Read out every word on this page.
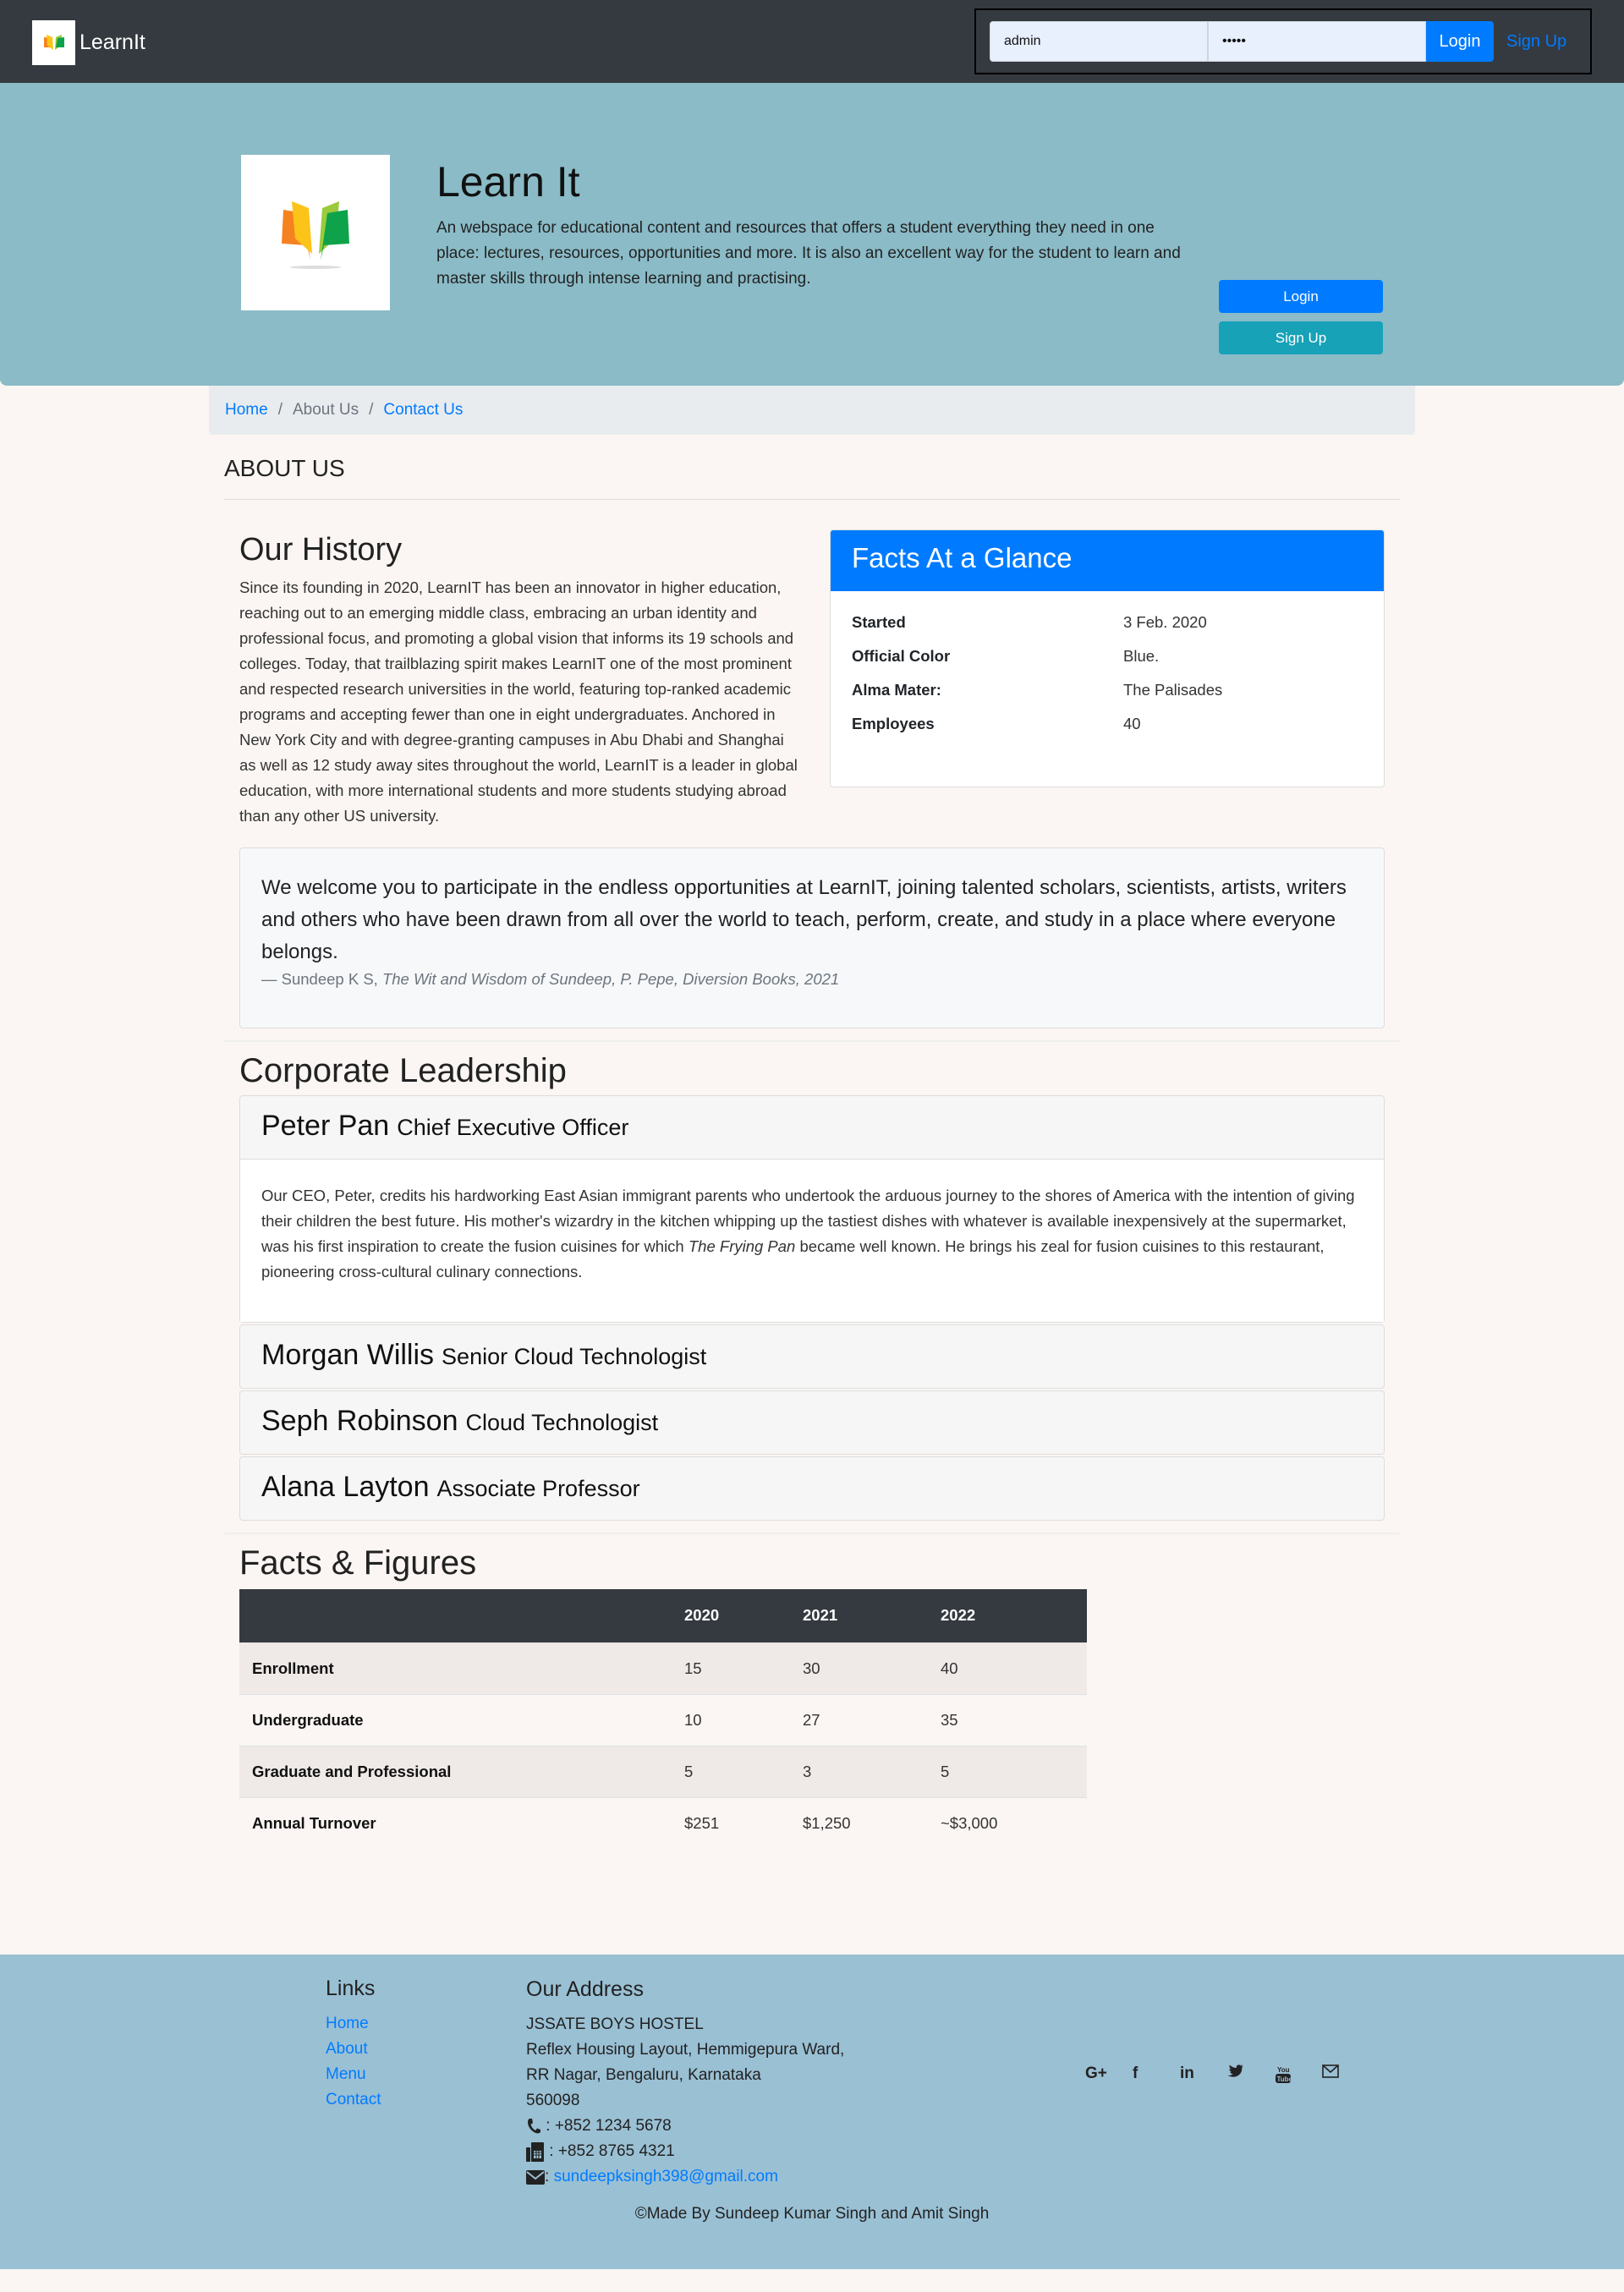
LearnIt
admin
•••••	Login	Sign Up
Learn It

An webspace for educational content and resources that offers a student everything they need in one place: lectures, resources, opportunities and more. It is also an excellent way for the student to learn and master skills through intense learning and practising.

Login
Sign Up
Home / About Us / Contact Us
ABOUT US
Our History

Since its founding in 2020, LearnIT has been an innovator in higher education, reaching out to an emerging middle class, embracing an urban identity and professional focus, and promoting a global vision that informs its 19 schools and colleges. Today, that trailblazing spirit makes LearnIT one of the most prominent and respected research universities in the world, featuring top-ranked academic programs and accepting fewer than one in eight undergraduates. Anchored in New York City and with degree-granting campuses in Abu Dhabi and Shanghai as well as 12 study away sites throughout the world, LearnIT is a leader in global education, with more international students and more students studying abroad than any other US university.

Facts At a Glance
Started	3 Feb. 2020
Official Color	Blue.
Alma Mater:	The Palisades
Employees	40

We welcome you to participate in the endless opportunities at LearnIT, joining talented scholars, scientists, artists, writers and others who have been drawn from all over the world to teach, perform, create, and study in a place where everyone belongs.

— Sundeep K S, The Wit and Wisdom of Sundeep, P. Pepe, Diversion Books, 2021
Corporate Leadership
Peter Pan Chief Executive Officer
Our CEO, Peter, credits his hardworking East Asian immigrant parents who undertook the arduous journey to the shores of America with the intention of giving their children the best future. His mother's wizardry in the kitchen whipping up the tastiest dishes with whatever is available inexpensively at the supermarket, was his first inspiration to create the fusion cuisines for which The Frying Pan became well known. He brings his zeal for fusion cuisines to this restaurant, pioneering cross-cultural culinary connections.
Morgan Willis Senior Cloud Technologist
Seph Robinson Cloud Technologist
Alana Layton Associate Professor
Facts & Figures
	2020	2021	2022
Enrollment	15	30	40
Undergraduate	10	27	35
Graduate and Professional	5	3	5
Annual Turnover	$251	$1,250	~$3,000
Links
Home
About
Menu
Contact
Our Address
JSSATE BOYS HOSTEL
Reflex Housing Layout, Hemmigepura Ward,
RR Nagar, Bengaluru, Karnataka
560098
: +852 1234 5678
: +852 8765 4321
: sundeepksingh398@gmail.com
G+	f	in	You
Tube

©Made By Sundeep Kumar Singh and Amit Singh
